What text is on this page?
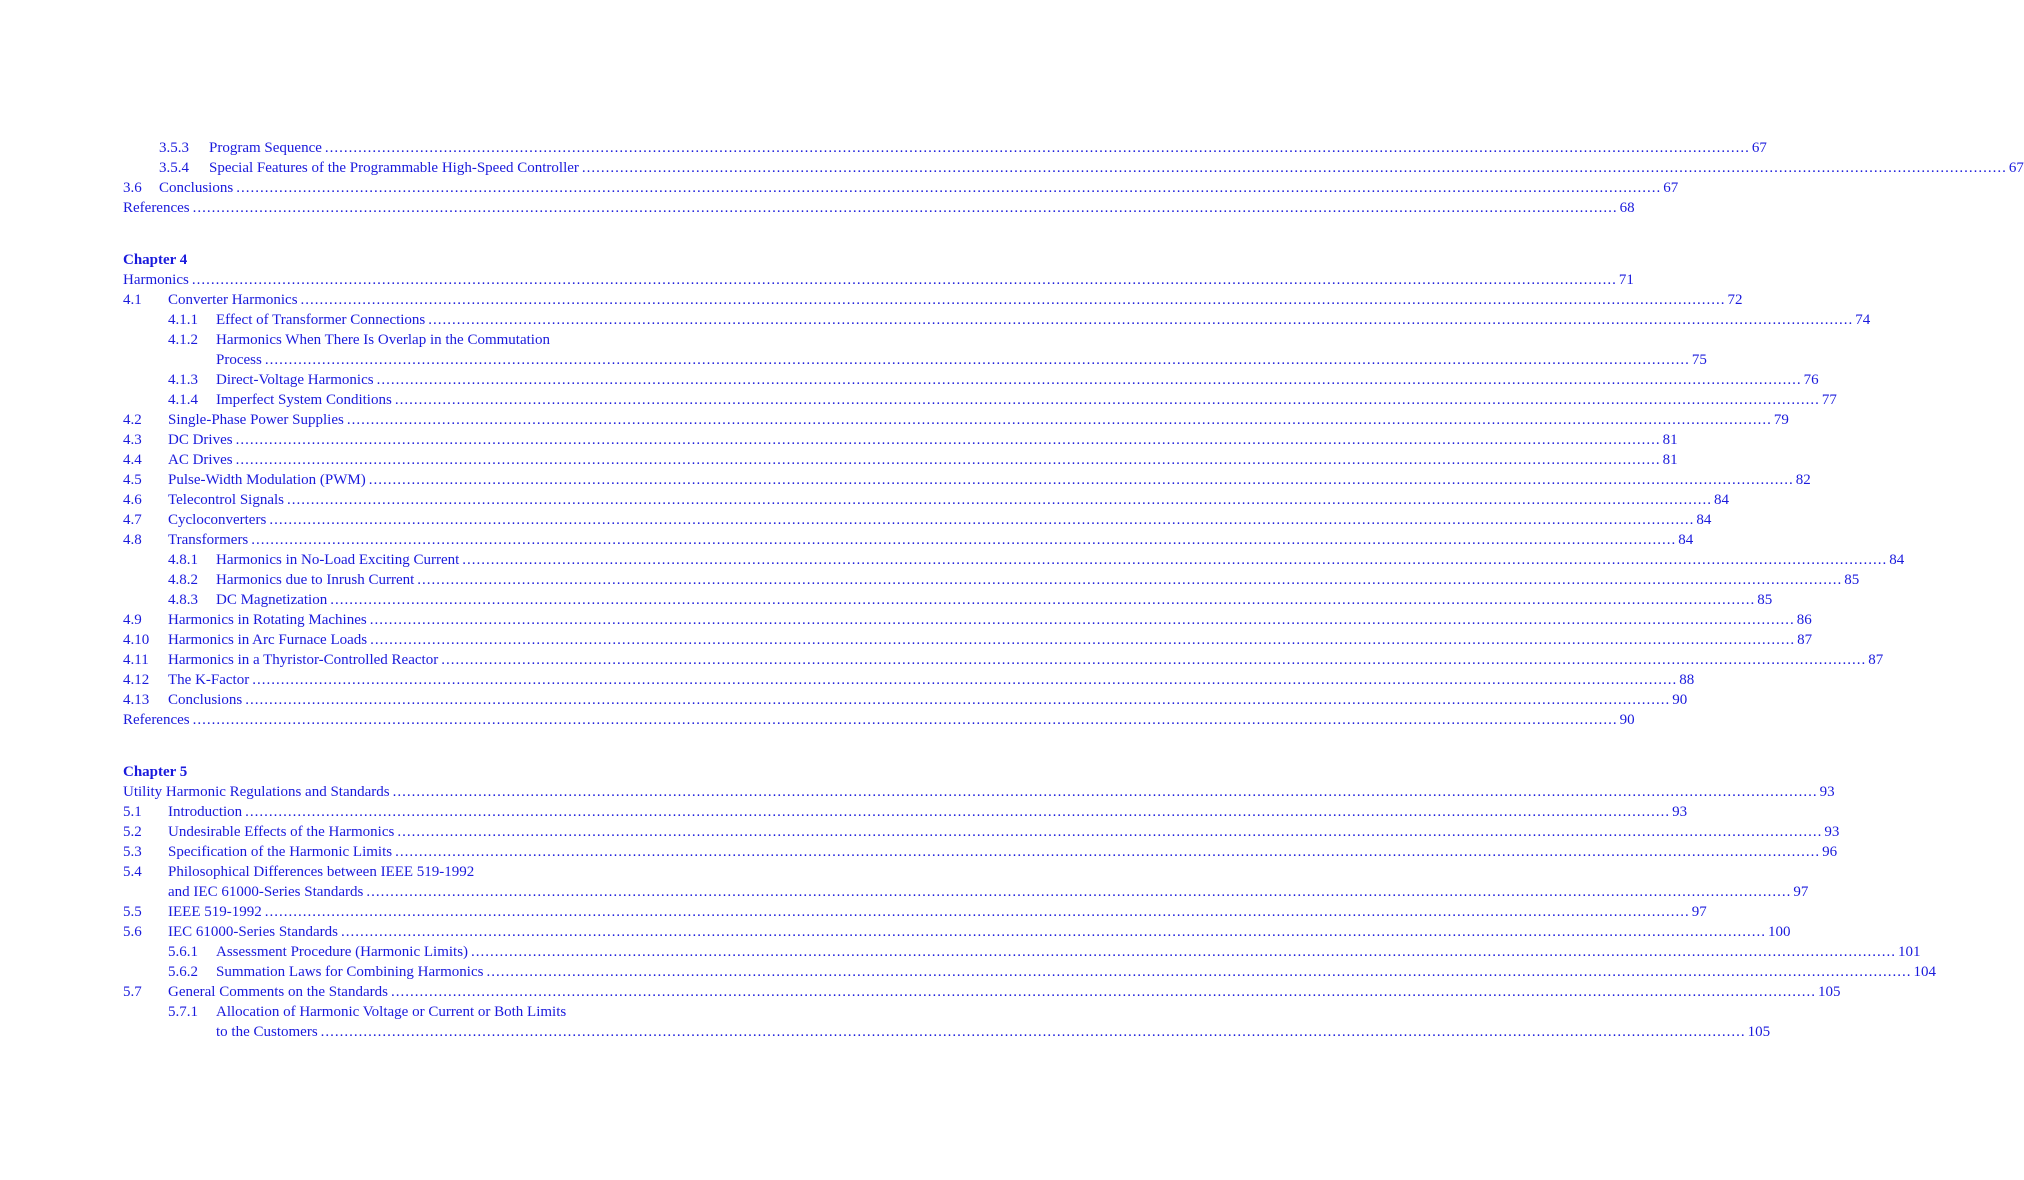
3.5.3 Program Sequence ............................................................................................................................................................................................................................................................................................................ 67
3.5.4 Special Features of the Programmable High-Speed Controller ............................................................................................................................................................................................................................................................................................................ 67
3.6 Conclusions ............................................................................................................................................................................................................................................................................................................ 67
References ............................................................................................................................................................................................................................................................................................................ 68
Chapter 4
Harmonics ............................................................................................................................................................................................................................................................................................................ 71
4.1 Converter Harmonics ............................................................................................................................................................................................................................................................................................................ 72
4.1.1 Effect of Transformer Connections ............................................................................................................................................................................................................................................................................................................ 74
4.1.2 Harmonics When There Is Overlap in the Commutation
Process ............................................................................................................................................................................................................................................................................................................ 75
4.1.3 Direct-Voltage Harmonics ............................................................................................................................................................................................................................................................................................................ 76
4.1.4 Imperfect System Conditions ............................................................................................................................................................................................................................................................................................................ 77
4.2 Single-Phase Power Supplies ............................................................................................................................................................................................................................................................................................................ 79
4.3 DC Drives ............................................................................................................................................................................................................................................................................................................ 81
4.4 AC Drives ............................................................................................................................................................................................................................................................................................................ 81
4.5 Pulse-Width Modulation (PWM) ............................................................................................................................................................................................................................................................................................................ 82
4.6 Telecontrol Signals ............................................................................................................................................................................................................................................................................................................ 84
4.7 Cycloconverters ............................................................................................................................................................................................................................................................................................................ 84
4.8 Transformers ............................................................................................................................................................................................................................................................................................................ 84
4.8.1 Harmonics in No-Load Exciting Current ............................................................................................................................................................................................................................................................................................................ 84
4.8.2 Harmonics due to Inrush Current ............................................................................................................................................................................................................................................................................................................ 85
4.8.3 DC Magnetization ............................................................................................................................................................................................................................................................................................................ 85
4.9 Harmonics in Rotating Machines ............................................................................................................................................................................................................................................................................................................ 86
4.10 Harmonics in Arc Furnace Loads ............................................................................................................................................................................................................................................................................................................ 87
4.11 Harmonics in a Thyristor-Controlled Reactor ............................................................................................................................................................................................................................................................................................................ 87
4.12 The K-Factor ............................................................................................................................................................................................................................................................................................................ 88
4.13 Conclusions ............................................................................................................................................................................................................................................................................................................ 90
References ............................................................................................................................................................................................................................................................................................................ 90
Chapter 5
Utility Harmonic Regulations and Standards ............................................................................................................................................................................................................................................................................................................ 93
5.1 Introduction ............................................................................................................................................................................................................................................................................................................ 93
5.2 Undesirable Effects of the Harmonics ............................................................................................................................................................................................................................................................................................................ 93
5.3 Specification of the Harmonic Limits ............................................................................................................................................................................................................................................................................................................ 96
5.4 Philosophical Differences between IEEE 519-1992
and IEC 61000-Series Standards ............................................................................................................................................................................................................................................................................................................ 97
5.5 IEEE 519-1992 ............................................................................................................................................................................................................................................................................................................ 97
5.6 IEC 61000-Series Standards ............................................................................................................................................................................................................................................................................................................ 100
5.6.1 Assessment Procedure (Harmonic Limits) ............................................................................................................................................................................................................................................................................................................ 101
5.6.2 Summation Laws for Combining Harmonics ............................................................................................................................................................................................................................................................................................................ 104
5.7 General Comments on the Standards ............................................................................................................................................................................................................................................................................................................ 105
5.7.1 Allocation of Harmonic Voltage or Current or Both Limits
to the Customers ............................................................................................................................................................................................................................................................................................................ 105
